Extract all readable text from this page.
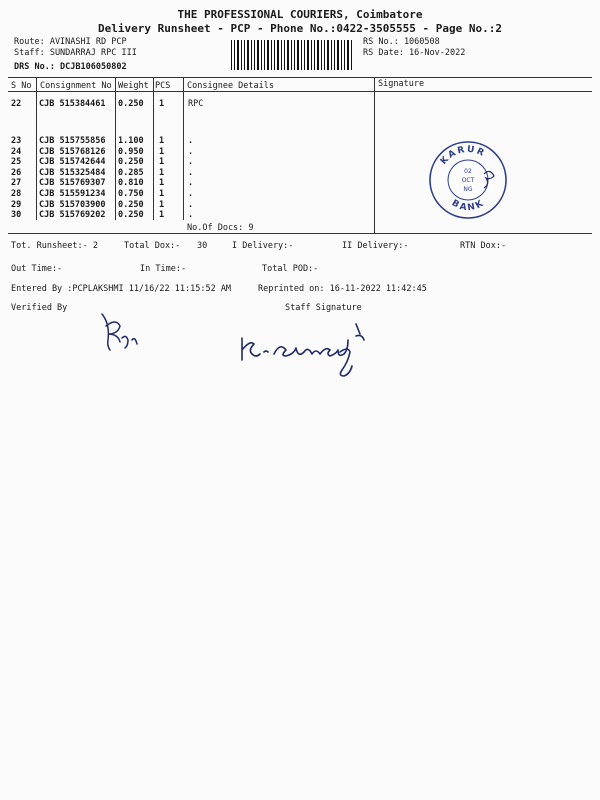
THE PROFESSIONAL COURIERS, Coimbatore
Delivery Runsheet - PCP - Phone No.:0422-3505555 - Page No.:2
Route: AVINASHI RD PCP
Staff: SUNDARRAJ RPC III
DRS No.: DCJB106050802
RS No.: 1060508
RS Date: 16-Nov-2022
S No Consignment No Weight PCS Consignee Details	Signature
22 CJB 515384461 0.250 1	RPC
23 CJB 515755856 1.100 1	.
24 CJB 515768126 0.950 1	.
25 CJB 515742644 0.250 1	.
26 CJB 515325484 0.285 1	.
27 CJB 515769307 0.810 1	.
28 CJB 515591234 0.750 1	.
29 CJB 515703900 0.250 1	.
30 CJB 515769202 0.250 1	.
No.Of Docs: 9
Tot. Runsheet:- 2	Total Dox:- 30	I Delivery:-	II Delivery:-	RTN Dox:-
Out Time:-	In Time:-	Total POD:-
Entered By :PCPLAKSHMI 11/16/22 11:15:52 AM	Reprinted on: 16-11-2022 11:42:45
Verified By	Staff Signature
KARUR
BANK
02
OCT
NG
